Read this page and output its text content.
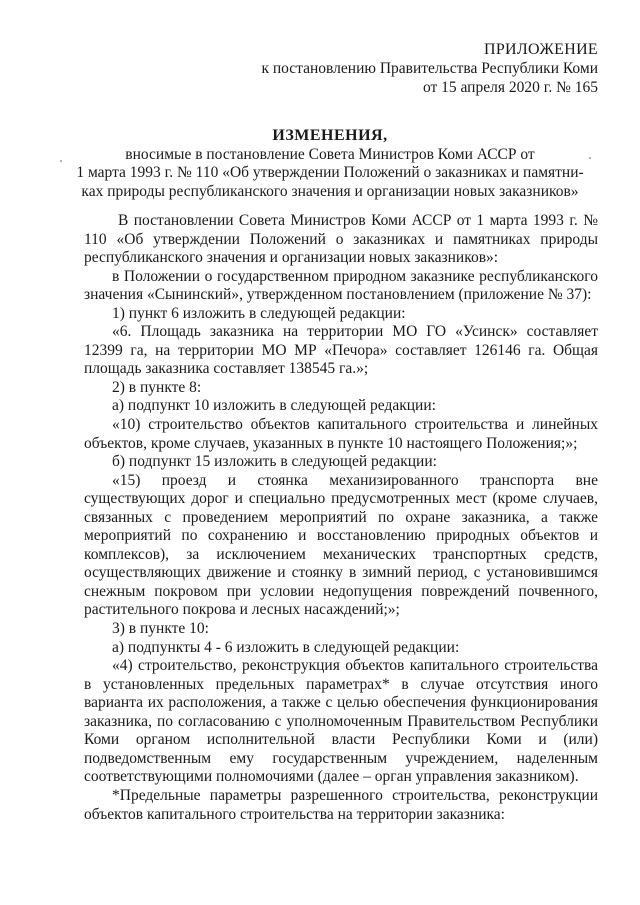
ПРИЛОЖЕНИЕ
к постановлению Правительства Республики Коми
от 15 апреля 2020 г. № 165
ИЗМЕНЕНИЯ,
вносимые в постановление Совета Министров Коми АССР от
1 марта 1993 г. № 110 «Об утверждении Положений о заказниках и памятни-
ках природы республиканского значения и организации новых заказников»

В постановлении Совета Министров Коми АССР от 1 марта 1993 г. № 110 «Об утверждении Положений о заказниках и памятниках природы республиканского значения и организации новых заказников»:

в Положении о государственном природном заказнике республиканского значения «Сынинский», утвержденном постановлением (приложение № 37):

1) пункт 6 изложить в следующей редакции:

«6. Площадь заказника на территории МО ГО «Усинск» составляет 12399 га, на территории МО МР «Печора» составляет 126146 га. Общая площадь заказника составляет 138545 га.»;

2) в пункте 8:

а) подпункт 10 изложить в следующей редакции:

«10) строительство объектов капитального строительства и линейных объектов, кроме случаев, указанных в пункте 10 настоящего Положения;»;

б) подпункт 15 изложить в следующей редакции:

«15) проезд и стоянка механизированного транспорта вне существующих дорог и специально предусмотренных мест (кроме случаев, связанных с проведением мероприятий по охране заказника, а также мероприятий по сохранению и восстановлению природных объектов и комплексов), за исключением механических транспортных средств, осуществляющих движение и стоянку в зимний период, с установившимся снежным покровом при условии недопущения повреждений почвенного, растительного покрова и лесных насаждений;»;

3) в пункте 10:

а) подпункты 4 - 6 изложить в следующей редакции:

«4) строительство, реконструкция объектов капитального строительства в установленных предельных параметрах* в случае отсутствия иного варианта их расположения, а также с целью обеспечения функционирования заказника, по согласованию с уполномоченным Правительством Республики Коми органом исполнительной власти Республики Коми и (или) подведомственным ему государственным учреждением, наделенным соответствующими полномочиями (далее – орган управления заказником).

*Предельные параметры разрешенного строительства, реконструкции объектов капитального строительства на территории заказника:
